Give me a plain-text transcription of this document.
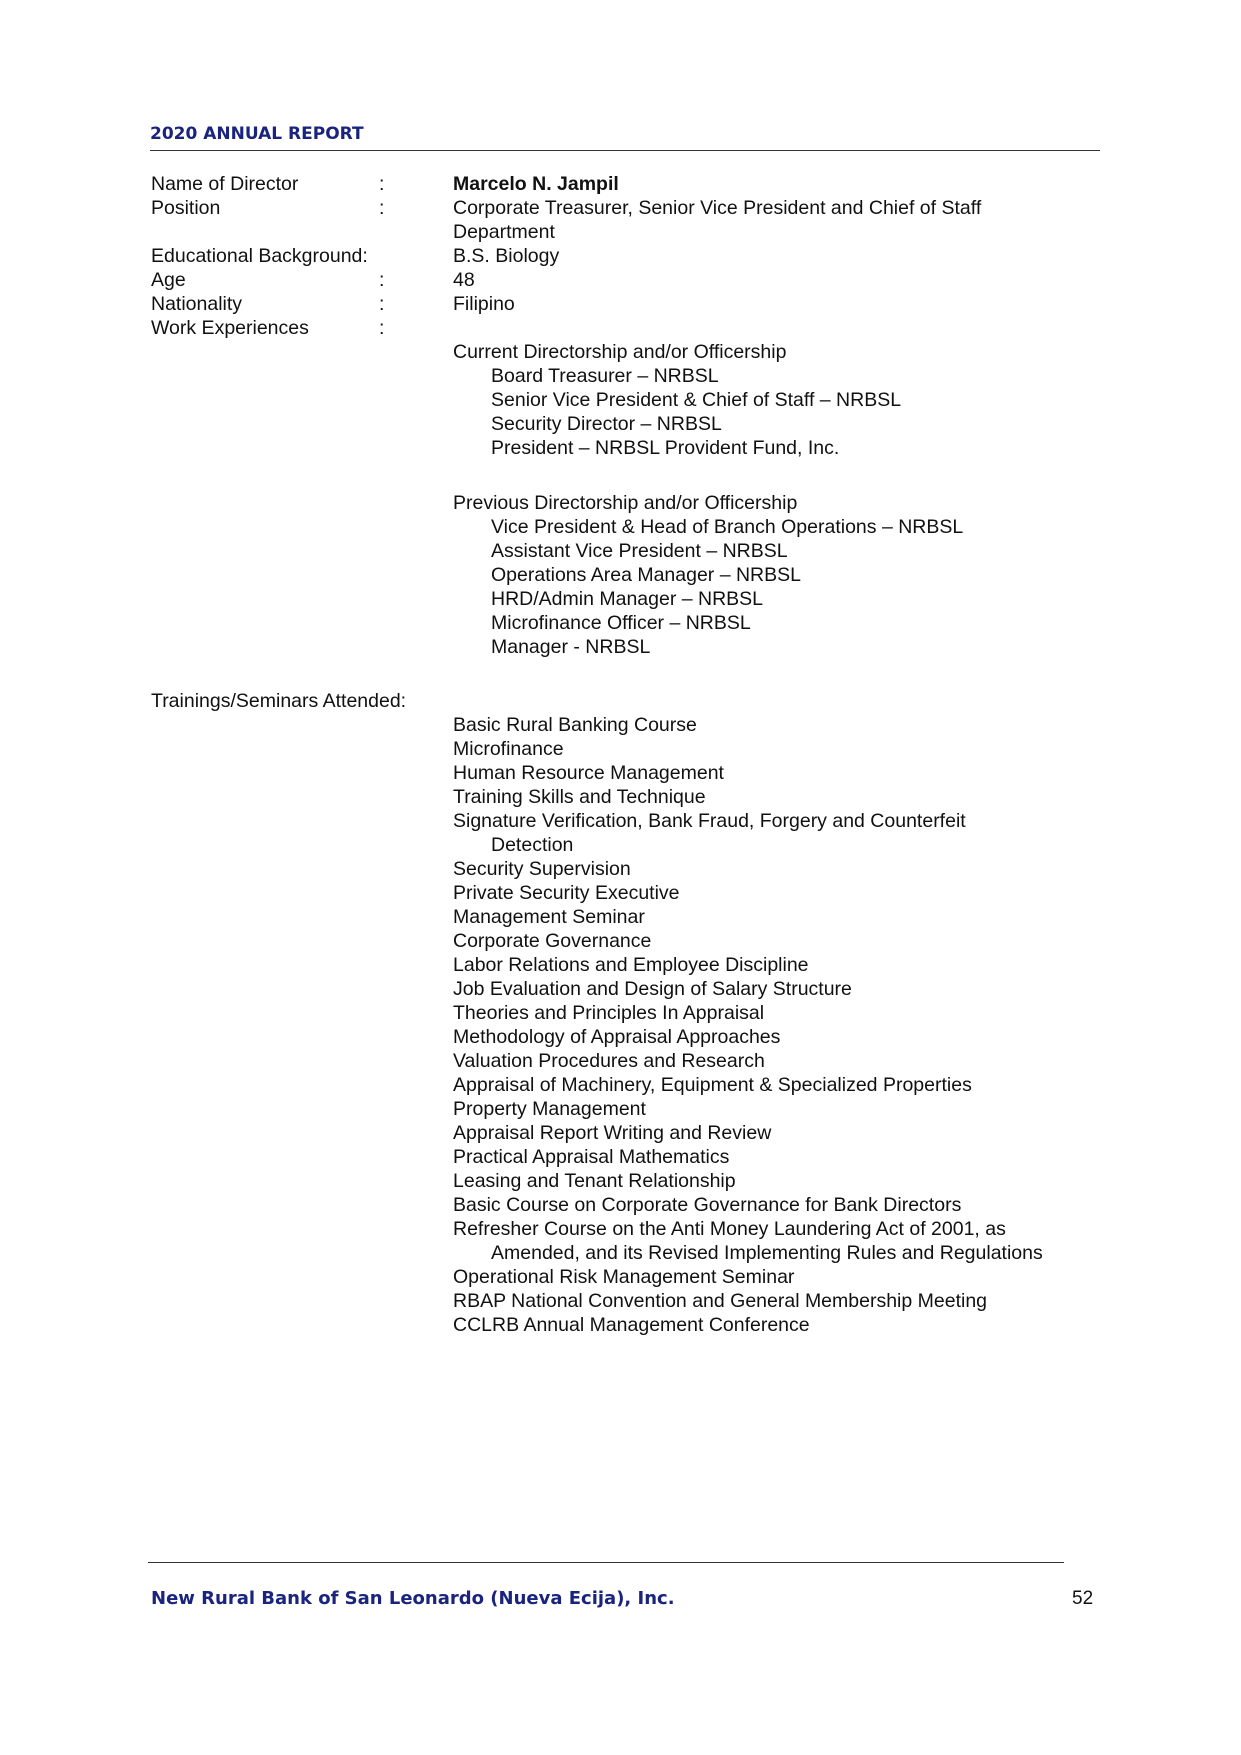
2020 ANNUAL REPORT
Name of Director	:	Marcelo N. Jampil
Position	:	Corporate Treasurer, Senior Vice President and Chief of Staff Department
Educational Background:	B.S. Biology
Age	:	48
Nationality	:	Filipino
Work Experiences	:
Current Directorship and/or Officership
Board Treasurer – NRBSL
Senior Vice President & Chief of Staff – NRBSL
Security Director – NRBSL
President – NRBSL Provident Fund, Inc.
Previous Directorship and/or Officership
Vice President & Head of Branch Operations – NRBSL
Assistant Vice President – NRBSL
Operations Area Manager – NRBSL
HRD/Admin Manager – NRBSL
Microfinance Officer – NRBSL
Manager - NRBSL
Trainings/Seminars Attended:
Basic Rural Banking Course
Microfinance
Human Resource Management
Training Skills and Technique
Signature Verification, Bank Fraud, Forgery and Counterfeit
Detection
Security Supervision
Private Security Executive
Management Seminar
Corporate Governance
Labor Relations and Employee Discipline
Job Evaluation and Design of Salary Structure
Theories and Principles In Appraisal
Methodology of Appraisal Approaches
Valuation Procedures and Research
Appraisal of Machinery, Equipment & Specialized Properties
Property Management
Appraisal Report Writing and Review
Practical Appraisal Mathematics
Leasing and Tenant Relationship
Basic Course on Corporate Governance for Bank Directors
Refresher Course on the Anti Money Laundering Act of 2001, as
Amended, and its Revised Implementing Rules and Regulations
Operational Risk Management Seminar
RBAP National Convention and General Membership Meeting
CCLRB Annual Management Conference
New Rural Bank of San Leonardo (Nueva Ecija), Inc.	52
